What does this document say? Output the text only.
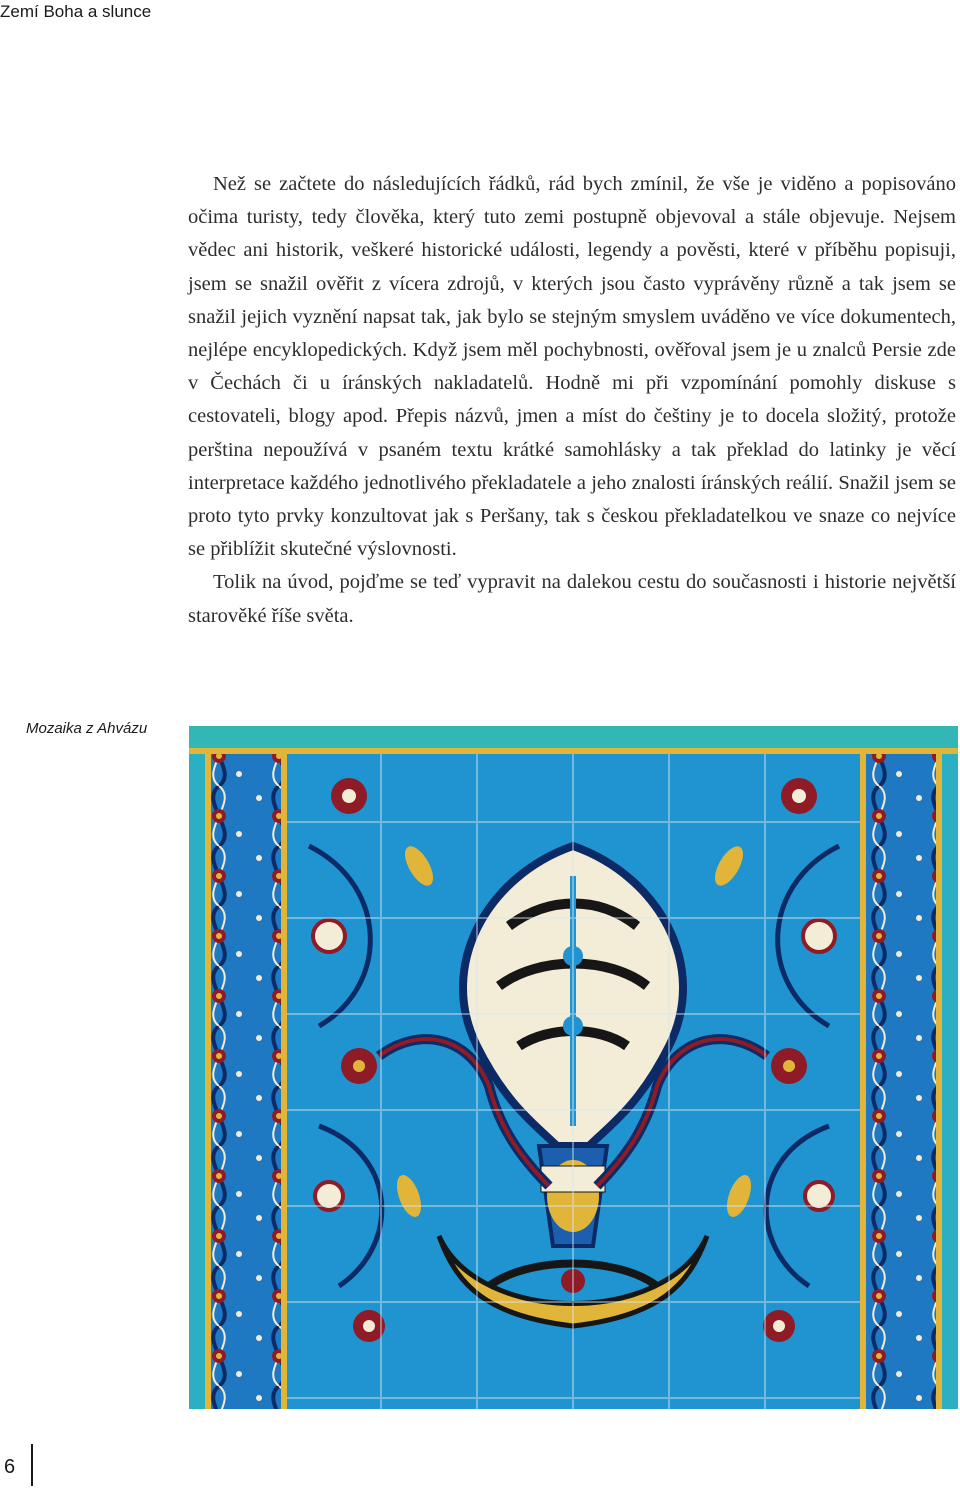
Zemí Boha a slunce

Než se začtete do následujících řádků, rád bych zmínil, že vše je viděno a popisováno očima turisty, tedy člověka, který tuto zemi postupně objevoval a stále objevuje. Nejsem vědec ani historik, veškeré historické události, legendy a pověsti, které v příběhu popisuji, jsem se snažil ověřit z vícera zdrojů, v kterých jsou často vyprávěny různě a tak jsem se snažil jejich vyznění napsat tak, jak bylo se stejným smyslem uváděno ve více dokumentech, nejlépe encyklopedických. Když jsem měl pochybnosti, ověřoval jsem je u znalců Persie zde v Čechách či u íránských nakladatelů. Hodně mi při vzpomínání pomohly diskuse s cestovateli, blogy apod. Přepis názvů, jmen a míst do češtiny je to docela složitý, protože perština nepoužívá v psaném textu krátké samohlásky a tak překlad do latinky je věcí interpretace každého jednotlivého překladatele a jeho znalosti íránských reálií. Snažil jsem se proto tyto prvky konzultovat jak s Peršany, tak s českou překladatelkou ve snaze co nejvíce se přiblížit skutečné výslovnosti.

Tolik na úvod, pojďme se teď vypravit na dalekou cestu do současnosti i historie největší starověké říše světa.

Mozaika z Ahvázu
6
